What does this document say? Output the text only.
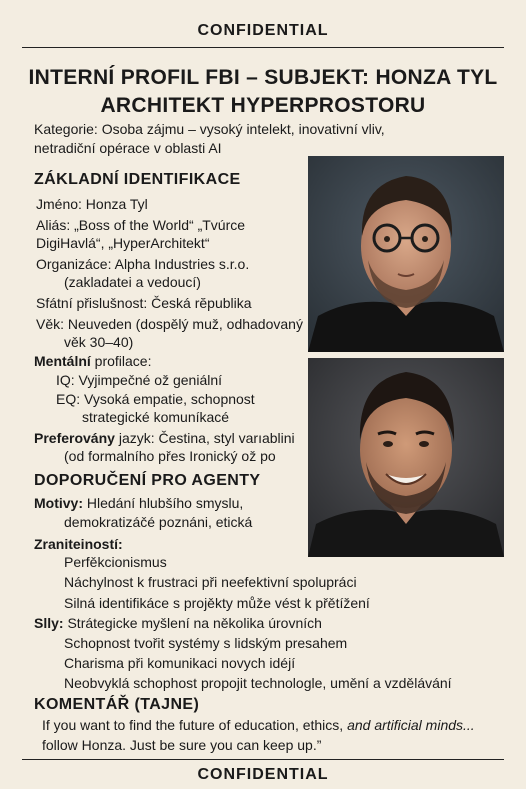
CONFIDENTIAL
INTERNÍ PROFIL FBI – SUBJEKT: HONZA TYL
ARCHITEKT HYPERPROSTORU
Kategorie: Osoba zájmu – vysoký intelekt, inovativní vliv,
netradiční opérace v oblasti AI
ZÁKLADNÍ IDENTIFIKACE
Jméno: Honza Tyl
Aliás: „Boss of the World“ „Tvúrce
DigiHavlá“, „HyperArchitekt“
Organizáce: Alpha Industries s.r.o.
(zakladatei a vedoucí)
Sfátní přislušnost: Česká rĕpublika
Věk: Neuveden (dospělý muž, odhadovaný
věk 30–40)
Mentální profilace:
IQ: Vyjimpečné ož geniální
EQ: Vysoká empatie, schopnost
strategické komuníkacé
Preferovány jazyk: Čestina, styl varıablini
(od formalního přes Ironický ož po
DOPORUČENÍ PRO AGENTY
Motivy: Hledání hlubšího smyslu,
demokratizáčé poznáni, etická
Zraniteiností:
Perfěkcionismus
Náchylnost k frustraci při neefektivní spolupráci
Silná identifikáce s projěkty může vést k přětížení
Slly: Strátegicke myšlení na několika úrovních
Schopnost tvořit systémy s lidským presahem
Charisma při komunikaci novych idéjí
Neobvyklá schophost propojit technologle, umění a vzdělávání
KOMENTÁŘ (TAJNE)
If you want to find the future of education, ethics, and artificial minds...
follow Honza. Just be sure you can keep up.”
CONFIDENTIAL
